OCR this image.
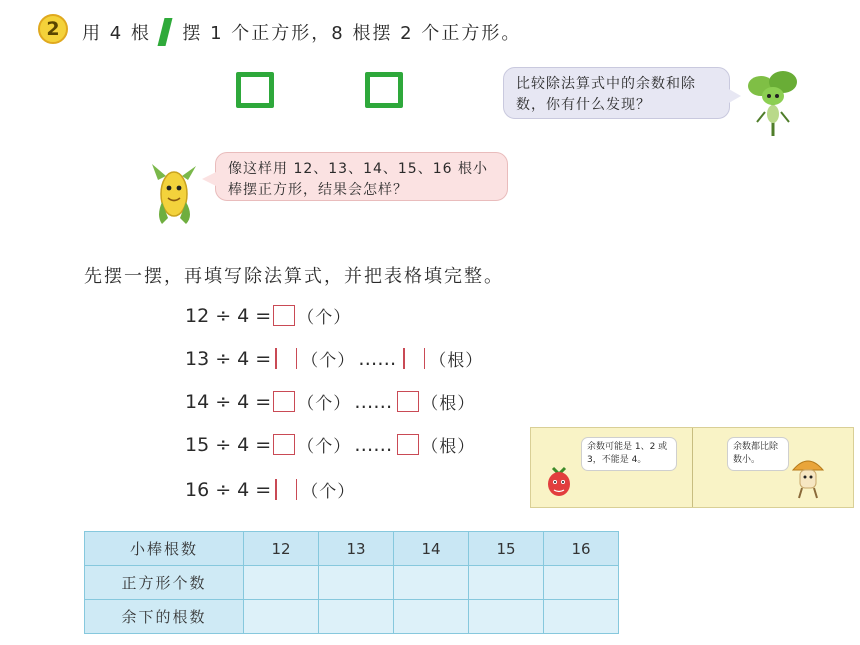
2	用 4 根 摆 1 个正方形，8 根摆 2 个正方形。
比较除法算式中的余数和除数，你有什么发现？
像这样用 12、13、14、15、16 根小棒摆正方形，结果会怎样？
先摆一摆，再填写除法算式，并把表格填完整。
12 ÷ 4 = （个）
13 ÷ 4 = （个） …… （根）
14 ÷ 4 = （个） …… （根）
15 ÷ 4 = （个） …… （根）
16 ÷ 4 = （个）
余数可能是 1、2 或 3，不能是 4。
余数都比除数小。
小棒根数	12	13	14	15	16
正方形个数					
余下的根数					
